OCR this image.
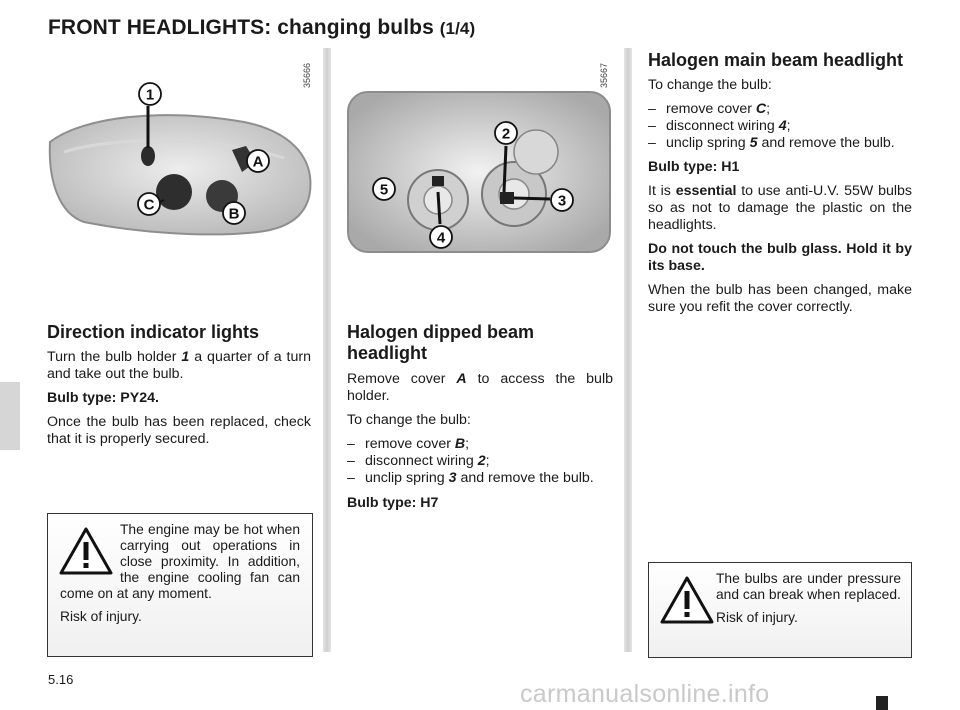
FRONT HEADLIGHTS: changing bulbs (1/4)
35666
1
A
C
B
35667
2
5
3
4
Direction indicator lights

Turn the bulb holder 1 a quarter of a turn and take out the bulb.

Bulb type: PY24.

Once the bulb has been replaced, check that it is properly secured.

The engine may be hot when carrying out operations in close proximity. In addition, the engine cooling fan can come on at any moment.

Risk of injury.

Halogen dipped beam
headlight

Remove cover A to access the bulb holder.

To change the bulb:

– remove cover B;
– disconnect wiring 2;
– unclip spring 3 and remove the bulb.

Bulb type: H7

Halogen main beam headlight

To change the bulb:

– remove cover C;
– disconnect wiring 4;
– unclip spring 5 and remove the bulb.

Bulb type: H1

It is essential to use anti-U.V. 55W bulbs so as not to damage the plastic on the headlights.

Do not touch the bulb glass. Hold it by its base.

When the bulb has been changed, make sure you refit the cover correctly.

The bulbs are under pressure and can break when replaced.

Risk of injury.

5.16
carmanualsonline.info
